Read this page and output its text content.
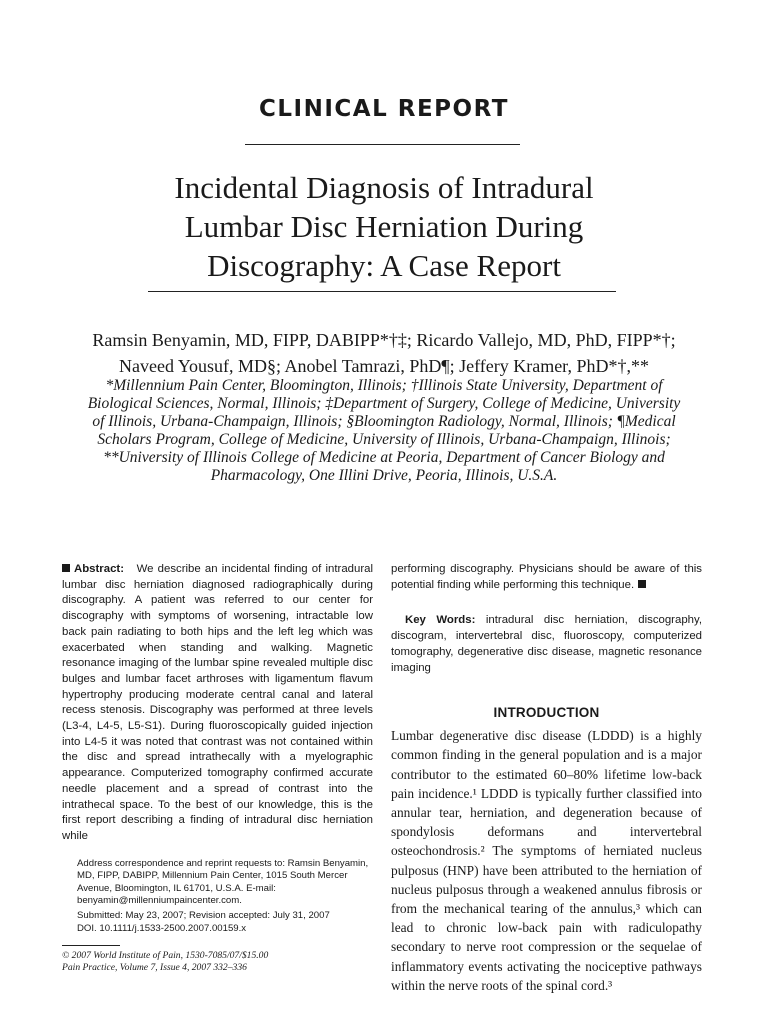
CLINICAL REPORT
Incidental Diagnosis of Intradural
Lumbar Disc Herniation During
Discography: A Case Report
Ramsin Benyamin, MD, FIPP, DABIPP*†‡; Ricardo Vallejo, MD, PhD, FIPP*†;
Naveed Yousuf, MD§; Anobel Tamrazi, PhD¶; Jeffery Kramer, PhD*†,**
*Millennium Pain Center, Bloomington, Illinois; †Illinois State University, Department of
Biological Sciences, Normal, Illinois; ‡Department of Surgery, College of Medicine, University
of Illinois, Urbana-Champaign, Illinois; §Bloomington Radiology, Normal, Illinois; ¶Medical
Scholars Program, College of Medicine, University of Illinois, Urbana-Champaign, Illinois;
**University of Illinois College of Medicine at Peoria, Department of Cancer Biology and
Pharmacology, One Illini Drive, Peoria, Illinois, U.S.A.

Abstract: We describe an incidental finding of intradural lumbar disc herniation diagnosed radiographically during discography. A patient was referred to our center for discography with symptoms of worsening, intractable low back pain radiating to both hips and the left leg which was exacerbated when standing and walking. Magnetic resonance imaging of the lumbar spine revealed multiple disc bulges and lumbar facet arthroses with ligamentum flavum hypertrophy producing moderate central canal and lateral recess stenosis. Discography was performed at three levels (L3-4, L4-5, L5-S1). During fluoroscopically guided injection into L4-5 it was noted that contrast was not contained within the disc and spread intrathecally with a myelographic appearance. Computerized tomography confirmed accurate needle placement and a spread of contrast into the intrathecal space. To the best of our knowledge, this is the first report describing a finding of intradural disc herniation while

Address correspondence and reprint requests to: Ramsin Benyamin, MD, FIPP, DABIPP, Millennium Pain Center, 1015 South Mercer Avenue, Bloomington, IL 61701, U.S.A. E-mail: benyamin@millenniumpaincenter.com.

Submitted: May 23, 2007; Revision accepted: July 31, 2007

DOI. 10.1111/j.1533-2500.2007.00159.x

© 2007 World Institute of Pain, 1530-7085/07/$15.00

Pain Practice, Volume 7, Issue 4, 2007 332–336

performing discography. Physicians should be aware of this potential finding while performing this technique.

Key Words: intradural disc herniation, discography, discogram, intervertebral disc, fluoroscopy, computerized tomography, degenerative disc disease, magnetic resonance imaging

INTRODUCTION

Lumbar degenerative disc disease (LDDD) is a highly common finding in the general population and is a major contributor to the estimated 60–80% lifetime low-back pain incidence.¹ LDDD is typically further classified into annular tear, herniation, and degeneration because of spondylosis deformans and intervertebral osteochondrosis.² The symptoms of herniated nucleus pulposus (HNP) have been attributed to the herniation of nucleus pulposus through a weakened annulus fibrosis or from the mechanical tearing of the annulus,³ which can lead to chronic low-back pain with radiculopathy secondary to nerve root compression or the sequelae of inflammatory events activating the nociceptive pathways within the nerve roots of the spinal cord.³
